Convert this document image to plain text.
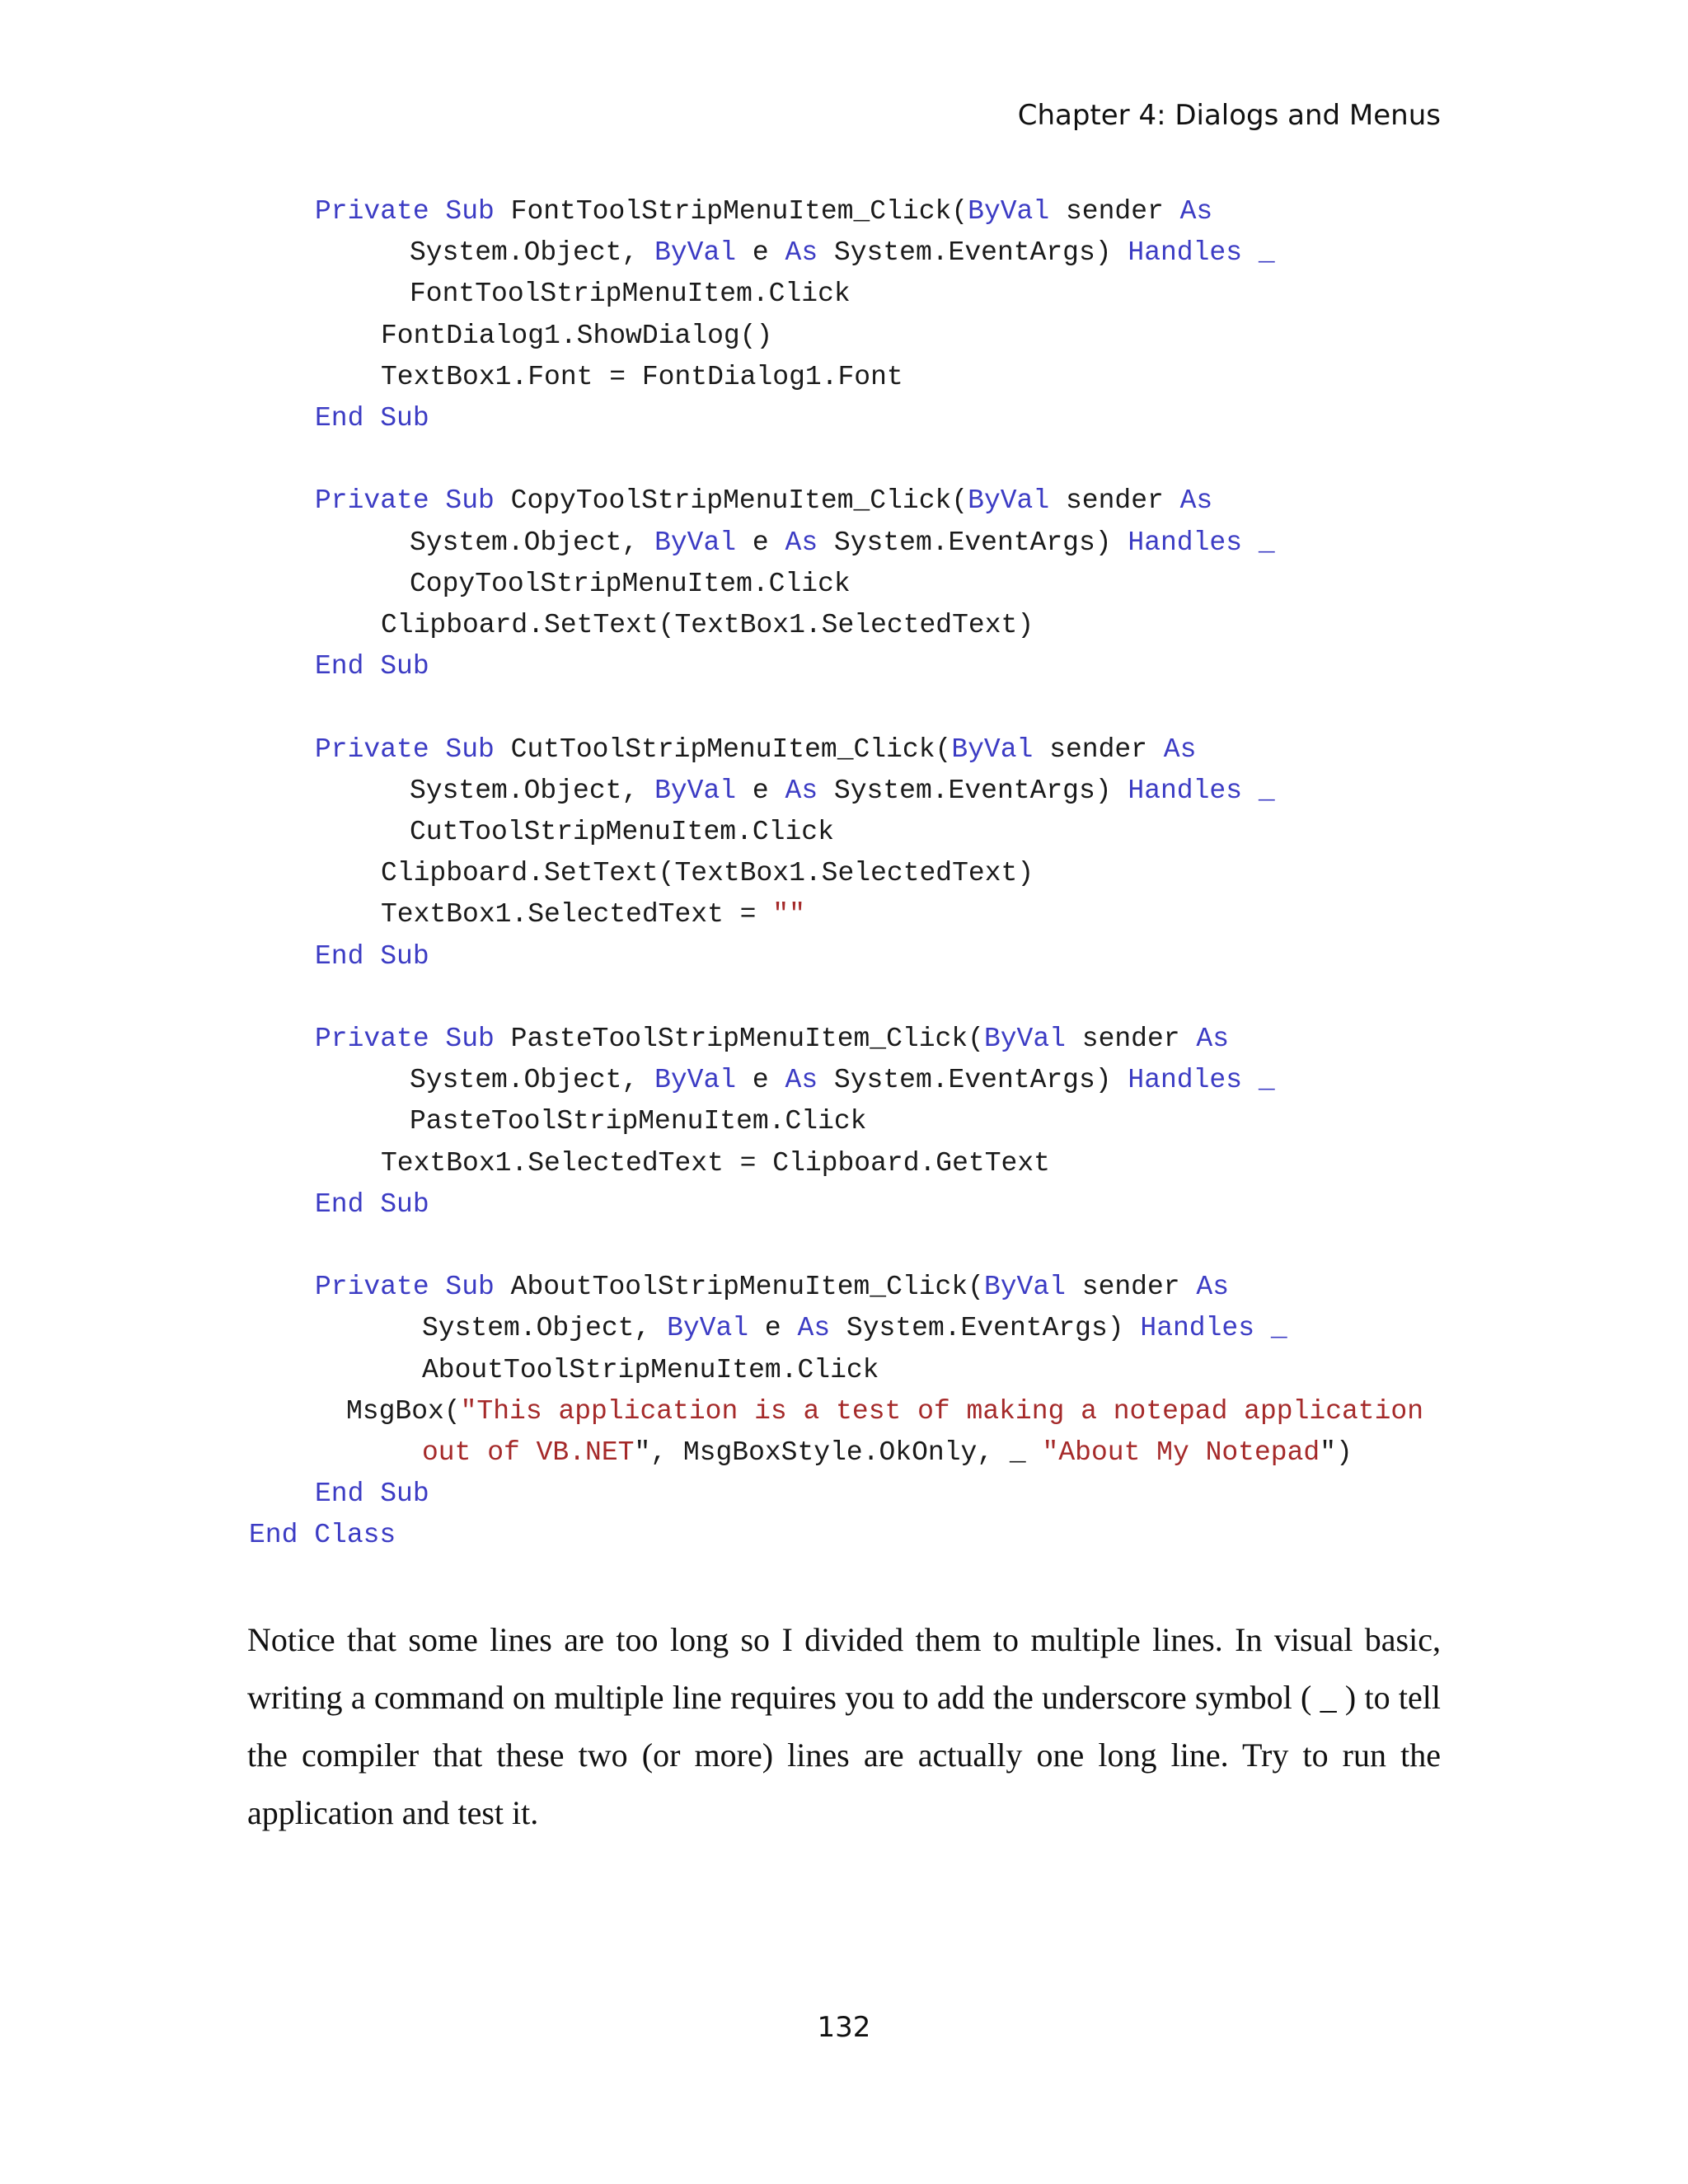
Chapter 4: Dialogs and Menus
Private Sub FontToolStripMenuItem_Click(ByVal sender As
System.Object, ByVal e As System.EventArgs) Handles _
FontToolStripMenuItem.Click
FontDialog1.ShowDialog()
TextBox1.Font = FontDialog1.Font
End Sub
Private Sub CopyToolStripMenuItem_Click(ByVal sender As
System.Object, ByVal e As System.EventArgs) Handles _
CopyToolStripMenuItem.Click
Clipboard.SetText(TextBox1.SelectedText)
End Sub
Private Sub CutToolStripMenuItem_Click(ByVal sender As
System.Object, ByVal e As System.EventArgs) Handles _
CutToolStripMenuItem.Click
Clipboard.SetText(TextBox1.SelectedText)
TextBox1.SelectedText = ""
End Sub
Private Sub PasteToolStripMenuItem_Click(ByVal sender As
System.Object, ByVal e As System.EventArgs) Handles _
PasteToolStripMenuItem.Click
TextBox1.SelectedText = Clipboard.GetText
End Sub
Private Sub AboutToolStripMenuItem_Click(ByVal sender As
System.Object, ByVal e As System.EventArgs) Handles _
AboutToolStripMenuItem.Click
MsgBox("This application is a test of making a notepad application
out of VB.NET", MsgBoxStyle.OkOnly, _ "About My Notepad")
End Sub
End Class

Notice that some lines are too long so I divided them to multiple lines. In visual basic, writing a command on multiple line requires you to add the underscore symbol ( _ ) to tell the compiler that these two (or more) lines are actually one long line. Try to run the application and test it.

132
